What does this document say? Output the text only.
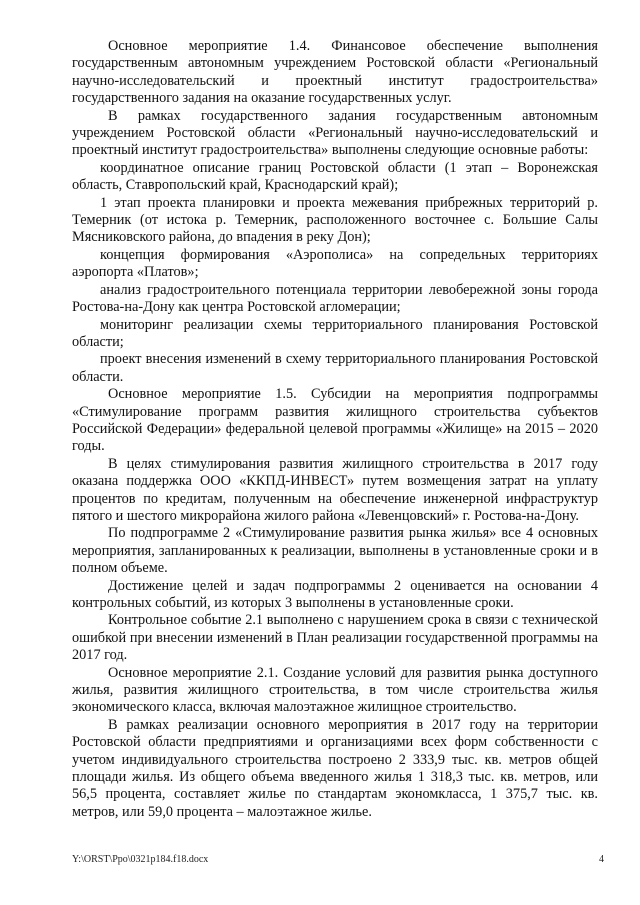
Основное мероприятие 1.4. Финансовое обеспечение выполнения государственным автономным учреждением Ростовской области «Региональный научно-исследовательский и проектный институт градостроительства» государственного задания на оказание государственных услуг.

В рамках государственного задания государственным автономным учреждением Ростовской области «Региональный научно-исследовательский и проектный институт градостроительства» выполнены следующие основные работы:

координатное описание границ Ростовской области (1 этап – Воронежская область, Ставропольский край, Краснодарский край);

1 этап проекта планировки и проекта межевания прибрежных территорий р. Темерник (от истока р. Темерник, расположенного восточнее с. Большие Салы Мясниковского района, до впадения в реку Дон);

концепция формирования «Аэрополиса» на сопредельных территориях аэропорта «Платов»;

анализ градостроительного потенциала территории левобережной зоны города Ростова-на-Дону как центра Ростовской агломерации;

мониторинг реализации схемы территориального планирования Ростовской области;

проект внесения изменений в схему территориального планирования Ростовской области.

Основное мероприятие 1.5. Субсидии на мероприятия подпрограммы «Стимулирование программ развития жилищного строительства субъектов Российской Федерации» федеральной целевой программы «Жилище» на 2015 – 2020 годы.

В целях стимулирования развития жилищного строительства в 2017 году оказана поддержка ООО «ККПД-ИНВЕСТ» путем возмещения затрат на уплату процентов по кредитам, полученным на обеспечение инженерной инфраструктур пятого и шестого микрорайона жилого района «Левенцовский» г. Ростова-на-Дону.

По подпрограмме 2 «Стимулирование развития рынка жилья» все 4 основных мероприятия, запланированных к реализации, выполнены в установленные сроки и в полном объеме.

Достижение целей и задач подпрограммы 2 оценивается на основании 4 контрольных событий, из которых 3 выполнены в установленные сроки.

Контрольное событие 2.1 выполнено с нарушением срока в связи с технической ошибкой при внесении изменений в План реализации государственной программы на 2017 год.

Основное мероприятие 2.1. Создание условий для развития рынка доступного жилья, развития жилищного строительства, в том числе строительства жилья экономического класса, включая малоэтажное жилищное строительство.

В рамках реализации основного мероприятия в 2017 году на территории Ростовской области предприятиями и организациями всех форм собственности с учетом индивидуального строительства построено 2 333,9 тыс. кв. метров общей площади жилья. Из общего объема введенного жилья 1 318,3 тыс. кв. метров, или 56,5 процента, составляет жилье по стандартам экономкласса, 1 375,7 тыс. кв. метров, или 59,0 процента – малоэтажное жилье.

Y:\ORST\Ppo\0321p184.f18.docx	4
